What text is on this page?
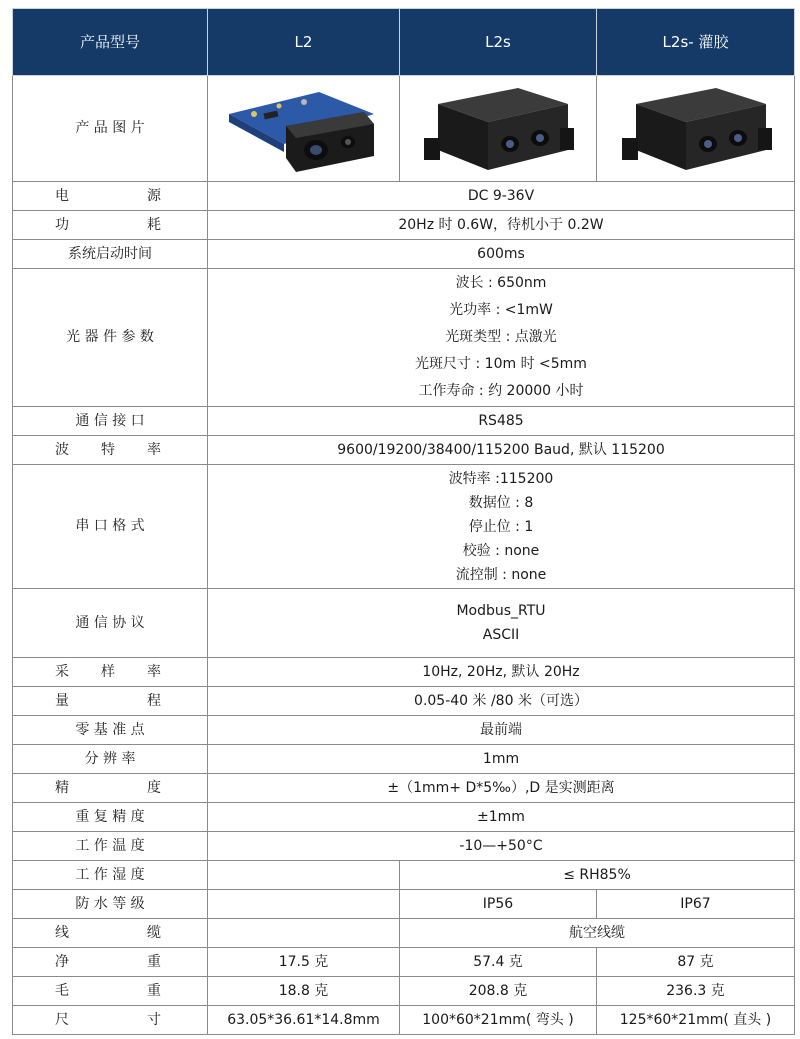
产品型号	L2	L2s	L2s- 灌胶
产 品 图 片	

电 源	DC 9-36V		

功 耗	20Hz 时 0.6W，待机小于 0.2W		
系统启动时间	600ms		
光 器 件 参 数	波长 : 650nm
光功率 : <1mW
光斑类型 : 点激光
光斑尺寸 : 10m 时 <5mm
工作寿命 : 约 20000 小时		

通 信 接 口	RS485		

波 特 率	9600/19200/38400/115200 Baud, 默认 115200		
串 口 格 式	波特率 :115200
数据位 : 8
停止位 : 1
校验 : none
流控制 : none		

通 信 协 议	Modbus_RTU
ASCII		

采 样 率	10Hz, 20Hz, 默认 20Hz		

量 程	0.05-40 米 /80 米（可选）		
零 基 准 点	最前端		
分 辨 率	1mm		

精 度	±（1mm+ D*5‰）,D 是实测距离		
重 复 精 度	±1mm		
工 作 温 度	-10—+50°C		
工 作 湿 度		≤ RH85%	
防 水 等 级		IP56	IP67

线 缆		航空线缆	

净 重	17.5 克	57.4 克	87 克

毛 重	18.8 克	208.8 克	236.3 克

尺 寸	63.05*36.61*14.8mm	100*60*21mm( 弯头 )	125*60*21mm( 直头 )
